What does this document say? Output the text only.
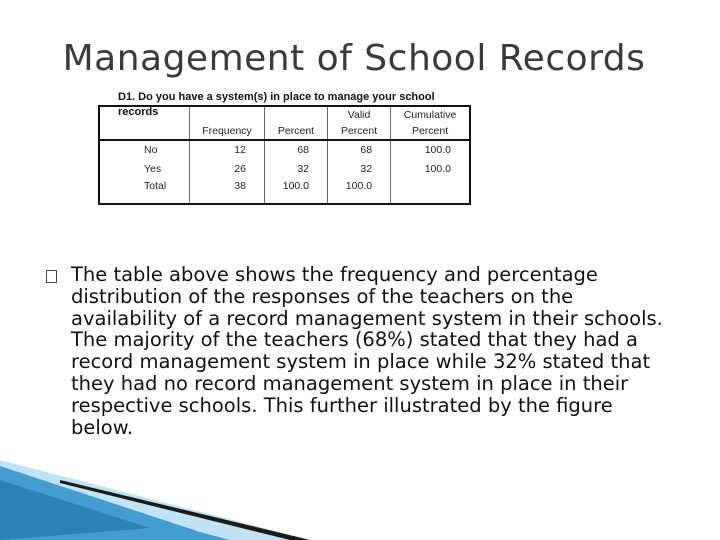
Management of School Records
D1. Do you have a system(s) in place to manage your school records
				Valid	Cumulative
	Frequency	Percent	Percent	Percent
No	12	68	68	100.0
Yes	26	32	32	100.0
Total	38	100.0	100.0	
The table above shows the frequency and percentage distribution of the responses of the teachers on the availability of a record management system in their schools. The majority of the teachers (68%) stated that they had a record management system in place while 32% stated that they had no record management system in place in their respective schools. This further illustrated by the figure below.
